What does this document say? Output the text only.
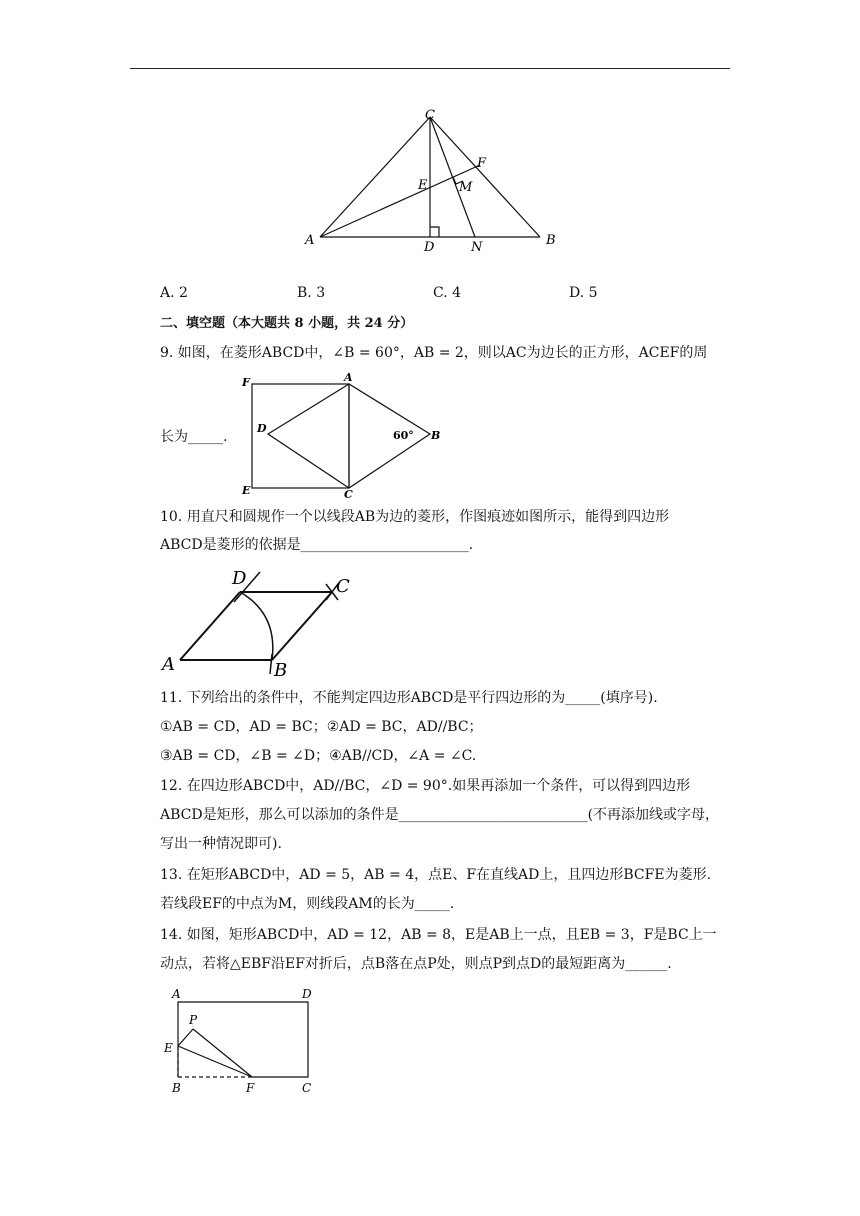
C
F
E M
A	D	N	B
A. 2	B. 3	C. 4	D. 5
二、填空题（本大题共 8 小题，共 24 分）
9. 如图，在菱形ABCD中，∠B = 60°，AB = 2，则以AC为边长的正方形，ACEF的周
F	A
D
60° B
E	C
长为_____.
10. 用直尺和圆规作一个以线段AB为边的菱形，作图痕迹如图所示，能得到四边形
ABCD是菱形的依据是________________________.
A	B
C
D
11. 下列给出的条件中，不能判定四边形ABCD是平行四边形的为_____(填序号).
①AB = CD，AD = BC；②AD = BC，AD//BC；
③AB = CD，∠B = ∠D；④AB//CD，∠A = ∠C.
12. 在四边形ABCD中，AD//BC，∠D = 90°.如果再添加一个条件，可以得到四边形
ABCD是矩形，那么可以添加的条件是___________________________(不再添加线或字母，
写出一种情况即可).
13. 在矩形ABCD中，AD = 5，AB = 4，点E、F在直线AD上，且四边形BCFE为菱形.
若线段EF的中点为M，则线段AM的长为_____.
14. 如图，矩形ABCD中，AD = 12，AB = 8，E是AB上一点，且EB = 3，F是BC上一
动点，若将△EBF沿EF对折后，点B落在点P处，则点P到点D的最短距离为______.
A	D
P
E
B	F	C
